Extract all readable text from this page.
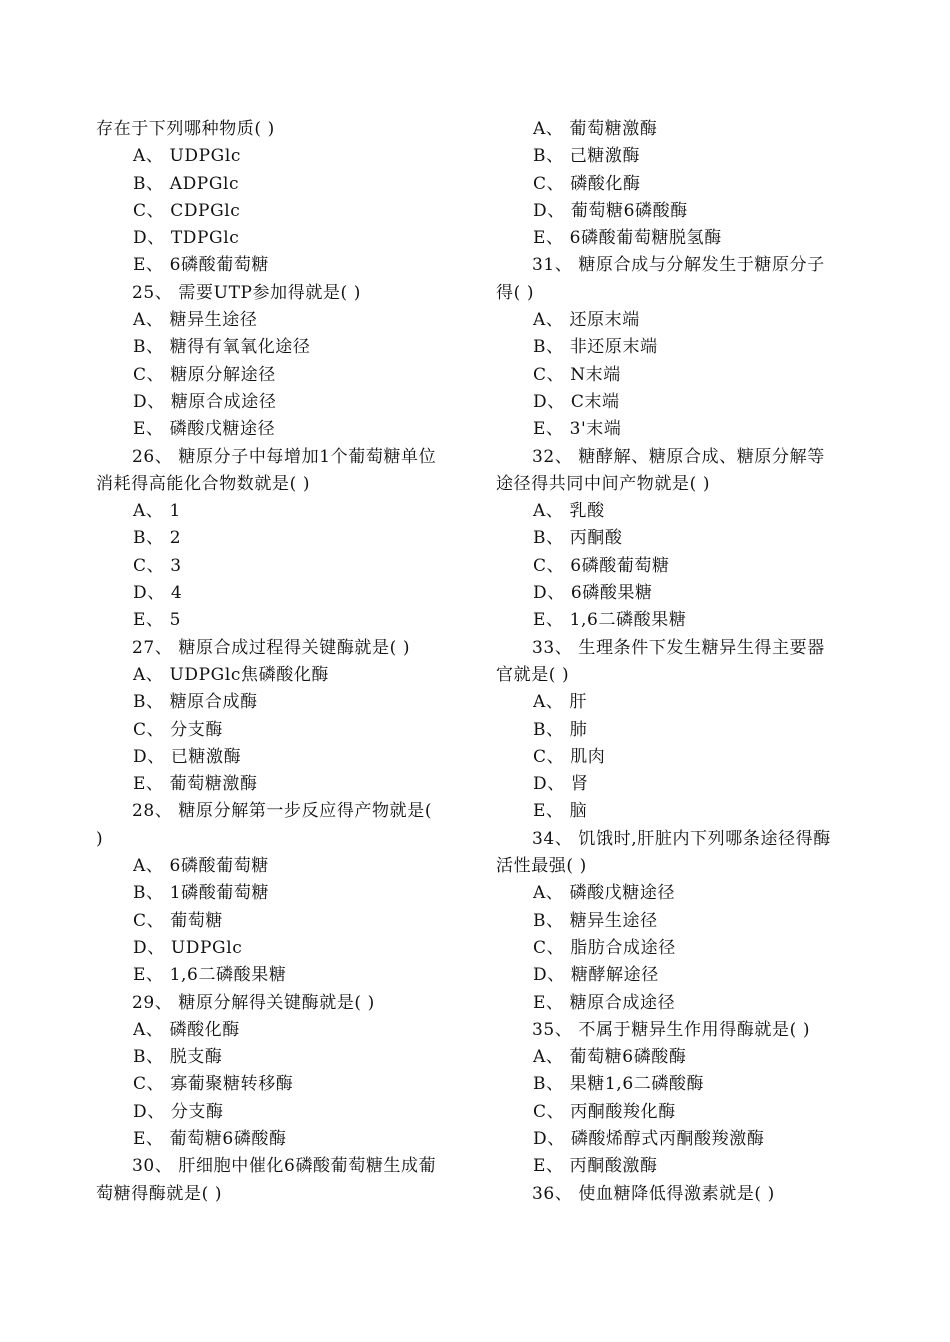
存在于下列哪种物质( )
A、 UDPGlc
B、 ADPGlc
C、 CDPGlc
D、 TDPGlc
E、 6磷酸葡萄糖
25、 需要UTP参加得就是( )
A、 糖异生途径
B、 糖得有氧氧化途径
C、 糖原分解途径
D、 糖原合成途径
E、 磷酸戊糖途径
26、 糖原分子中每增加1个葡萄糖单位
消耗得高能化合物数就是( )
A、 1
B、 2
C、 3
D、 4
E、 5
27、 糖原合成过程得关键酶就是( )
A、 UDPGlc焦磷酸化酶
B、 糖原合成酶
C、 分支酶
D、 已糖激酶
E、 葡萄糖激酶
28、 糖原分解第一步反应得产物就是(
)
A、 6磷酸葡萄糖
B、 1磷酸葡萄糖
C、 葡萄糖
D、 UDPGlc
E、 1,6二磷酸果糖
29、 糖原分解得关键酶就是( )
A、 磷酸化酶
B、 脱支酶
C、 寡葡聚糖转移酶
D、 分支酶
E、 葡萄糖6磷酸酶
30、 肝细胞中催化6磷酸葡萄糖生成葡
萄糖得酶就是( )
A、 葡萄糖激酶
B、 己糖激酶
C、 磷酸化酶
D、 葡萄糖6磷酸酶
E、 6磷酸葡萄糖脱氢酶
31、 糖原合成与分解发生于糖原分子
得( )
A、 还原末端
B、 非还原末端
C、 N末端
D、 C末端
E、 3'末端
32、 糖酵解、糖原合成、糖原分解等
途径得共同中间产物就是( )
A、 乳酸
B、 丙酮酸
C、 6磷酸葡萄糖
D、 6磷酸果糖
E、 1,6二磷酸果糖
33、 生理条件下发生糖异生得主要器
官就是( )
A、 肝
B、 肺
C、 肌肉
D、 肾
E、 脑
34、 饥饿时,肝脏内下列哪条途径得酶
活性最强( )
A、 磷酸戊糖途径
B、 糖异生途径
C、 脂肪合成途径
D、 糖酵解途径
E、 糖原合成途径
35、 不属于糖异生作用得酶就是( )
A、 葡萄糖6磷酸酶
B、 果糖1,6二磷酸酶
C、 丙酮酸羧化酶
D、 磷酸烯醇式丙酮酸羧激酶
E、 丙酮酸激酶
36、 使血糖降低得激素就是( )
